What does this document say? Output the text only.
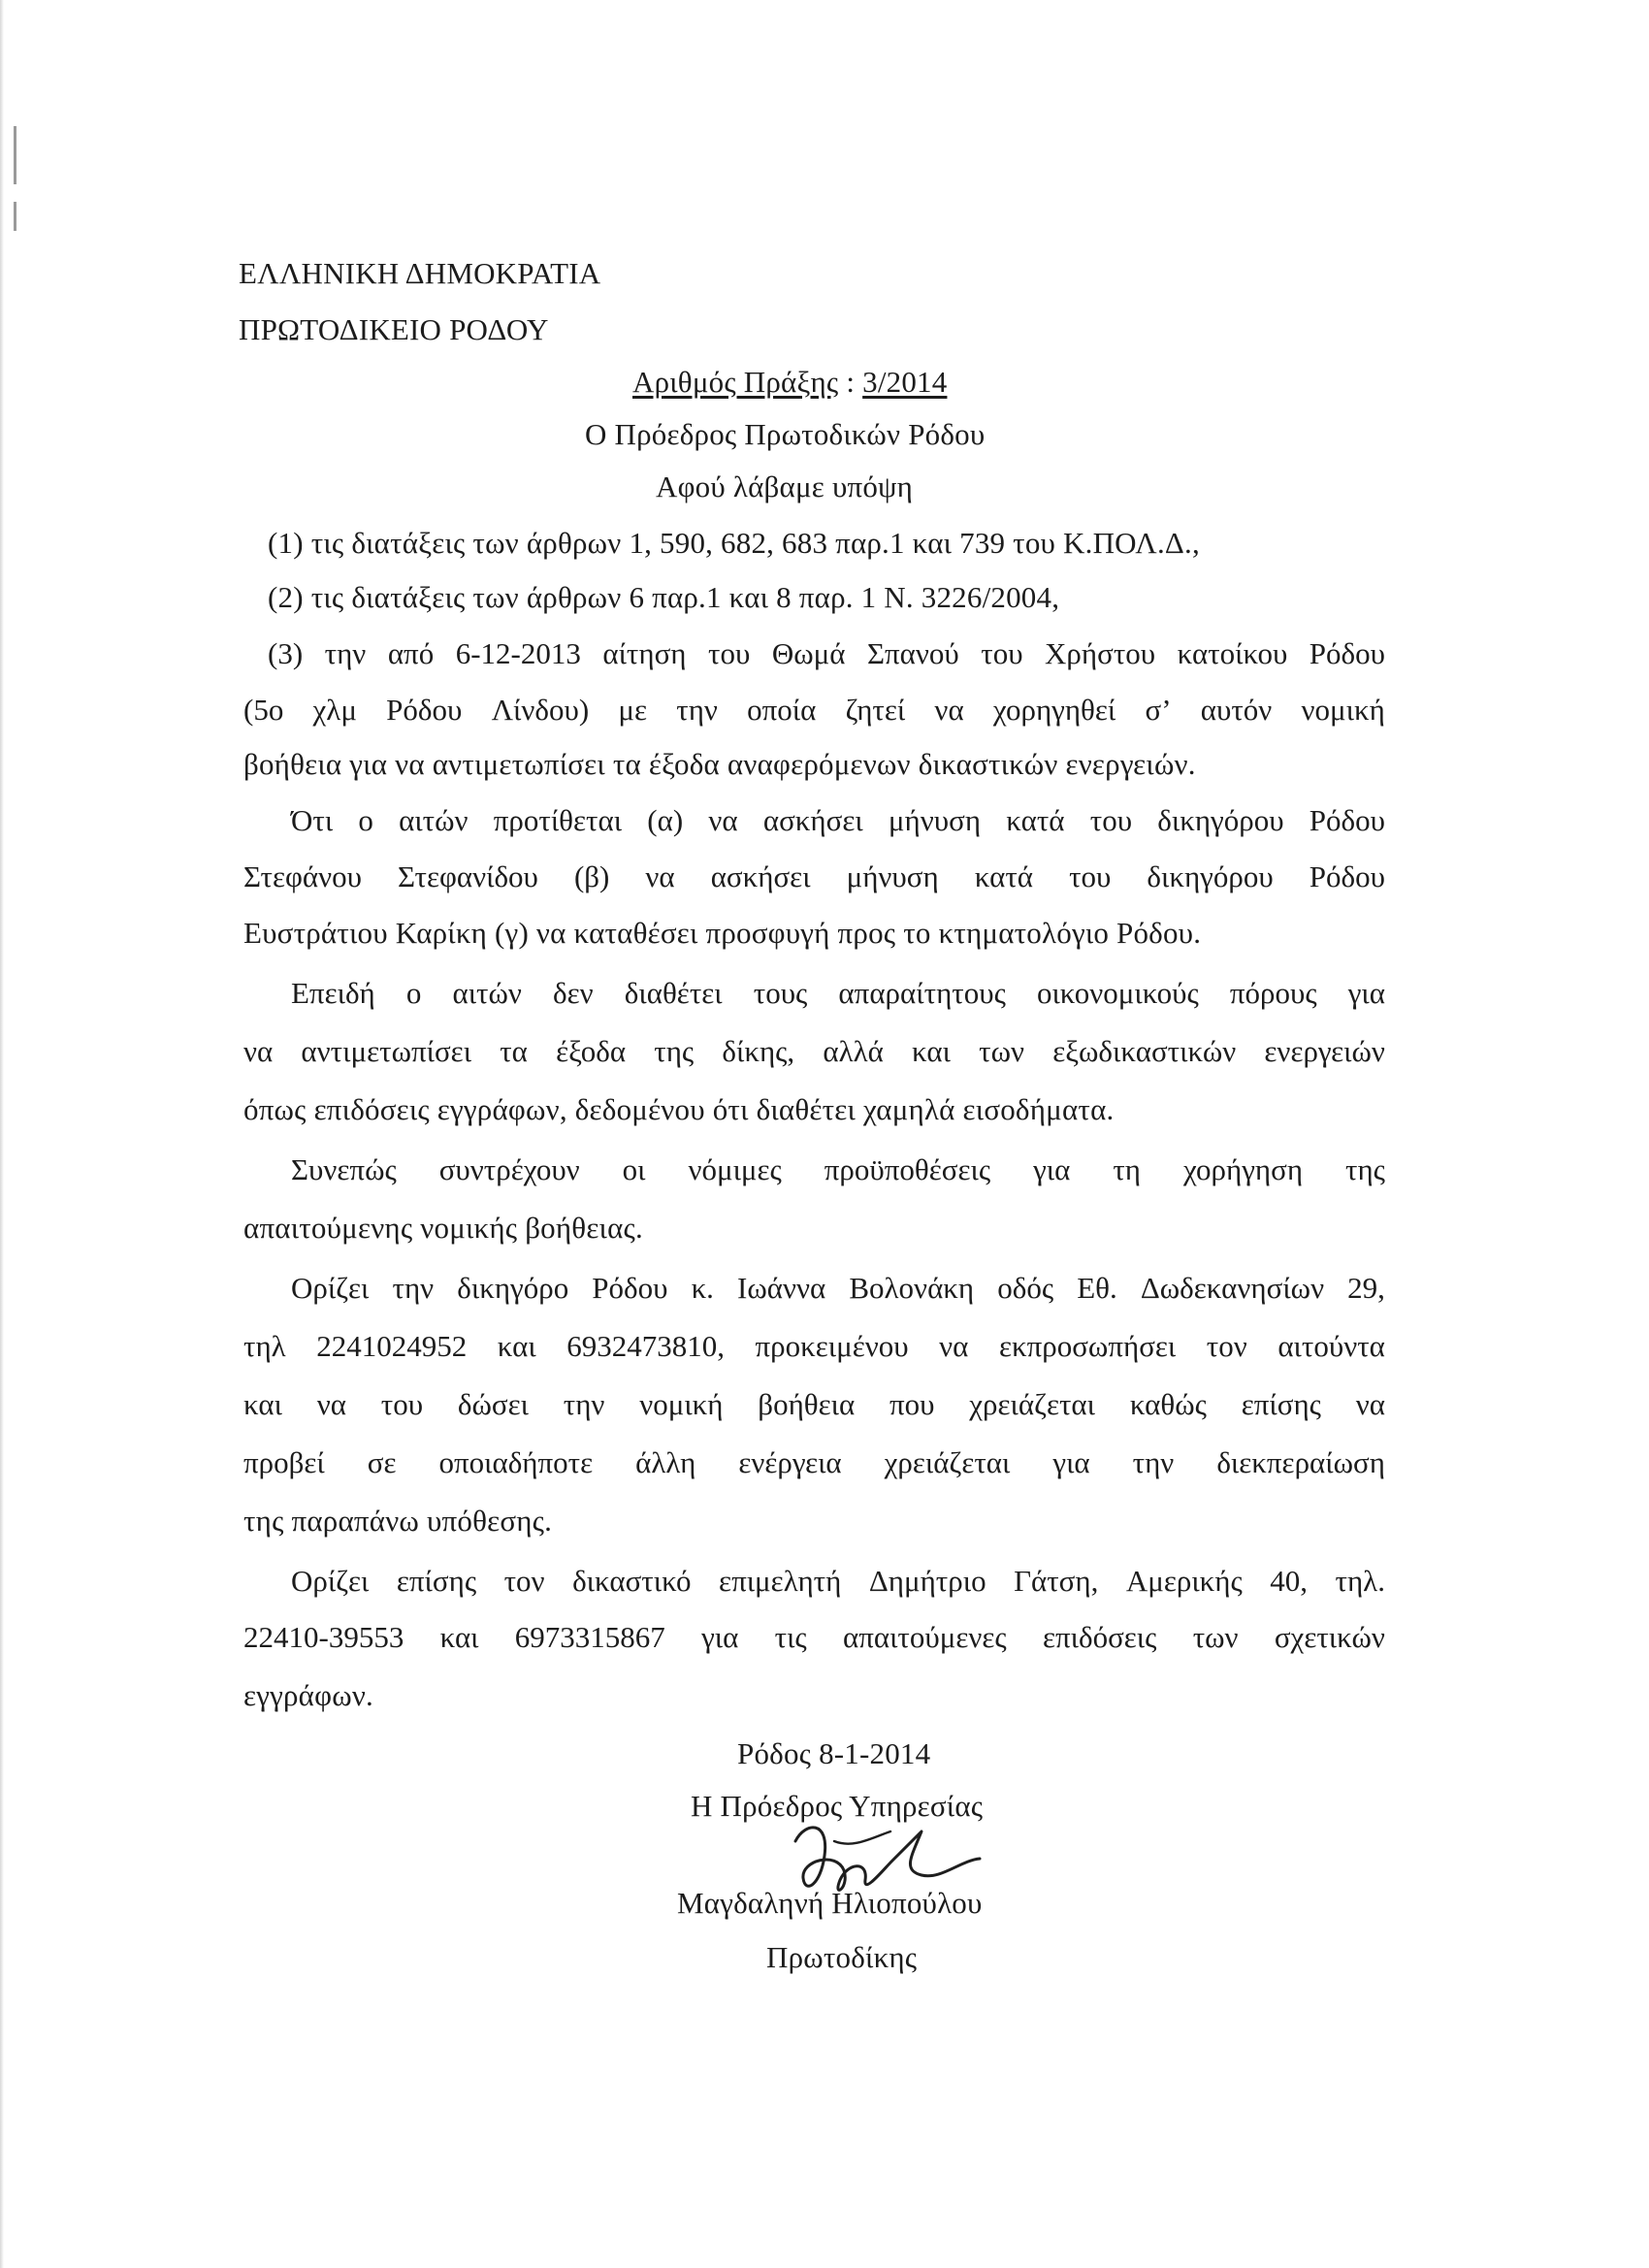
ΕΛΛΗΝΙΚΗ ΔΗΜΟΚΡΑΤΙΑ
ΠΡΩΤΟΔΙΚΕΙΟ ΡΟΔΟΥ
Αριθμός Πράξης : 3/2014
Ο Πρόεδρος Πρωτοδικών Ρόδου
Αφού λάβαμε υπόψη
(1) τις διατάξεις των άρθρων 1, 590, 682, 683 παρ.1 και 739 του Κ.ΠΟΛ.Δ.,
(2) τις διατάξεις των άρθρων 6 παρ.1 και 8 παρ. 1 Ν. 3226/2004,
(3) την από 6-12-2013 αίτηση του Θωμά Σπανού του Χρήστου κατοίκου Ρόδου
(5ο χλμ Ρόδου Λίνδου) με την οποία ζητεί να χορηγηθεί σ’ αυτόν νομική
βοήθεια για να αντιμετωπίσει τα έξοδα αναφερόμενων δικαστικών ενεργειών.
Ότι ο αιτών προτίθεται (α) να ασκήσει μήνυση κατά του δικηγόρου Ρόδου
Στεφάνου Στεφανίδου (β) να ασκήσει μήνυση κατά του δικηγόρου Ρόδου
Ευστράτιου Καρίκη (γ) να καταθέσει προσφυγή προς το κτηματολόγιο Ρόδου.
Επειδή ο αιτών δεν διαθέτει τους απαραίτητους οικονομικούς πόρους για
να αντιμετωπίσει τα έξοδα της δίκης, αλλά και των εξωδικαστικών ενεργειών
όπως επιδόσεις εγγράφων, δεδομένου ότι διαθέτει χαμηλά εισοδήματα.
Συνεπώς συντρέχουν οι νόμιμες προϋποθέσεις για τη χορήγηση της
απαιτούμενης νομικής βοήθειας.
Ορίζει την δικηγόρο Ρόδου κ. Ιωάννα Βολονάκη οδός Εθ. Δωδεκανησίων 29,
τηλ 2241024952 και 6932473810, προκειμένου να εκπροσωπήσει τον αιτούντα
και να του δώσει την νομική βοήθεια που χρειάζεται καθώς επίσης να
προβεί σε οποιαδήποτε άλλη ενέργεια χρειάζεται για την διεκπεραίωση
της παραπάνω υπόθεσης.
Ορίζει επίσης τον δικαστικό επιμελητή Δημήτριο Γάτση, Αμερικής 40, τηλ.
22410-39553 και 6973315867 για τις απαιτούμενες επιδόσεις των σχετικών
εγγράφων.
Ρόδος 8-1-2014
Η Πρόεδρος Υπηρεσίας
Μαγδαληνή Ηλιοπούλου
Πρωτοδίκης
